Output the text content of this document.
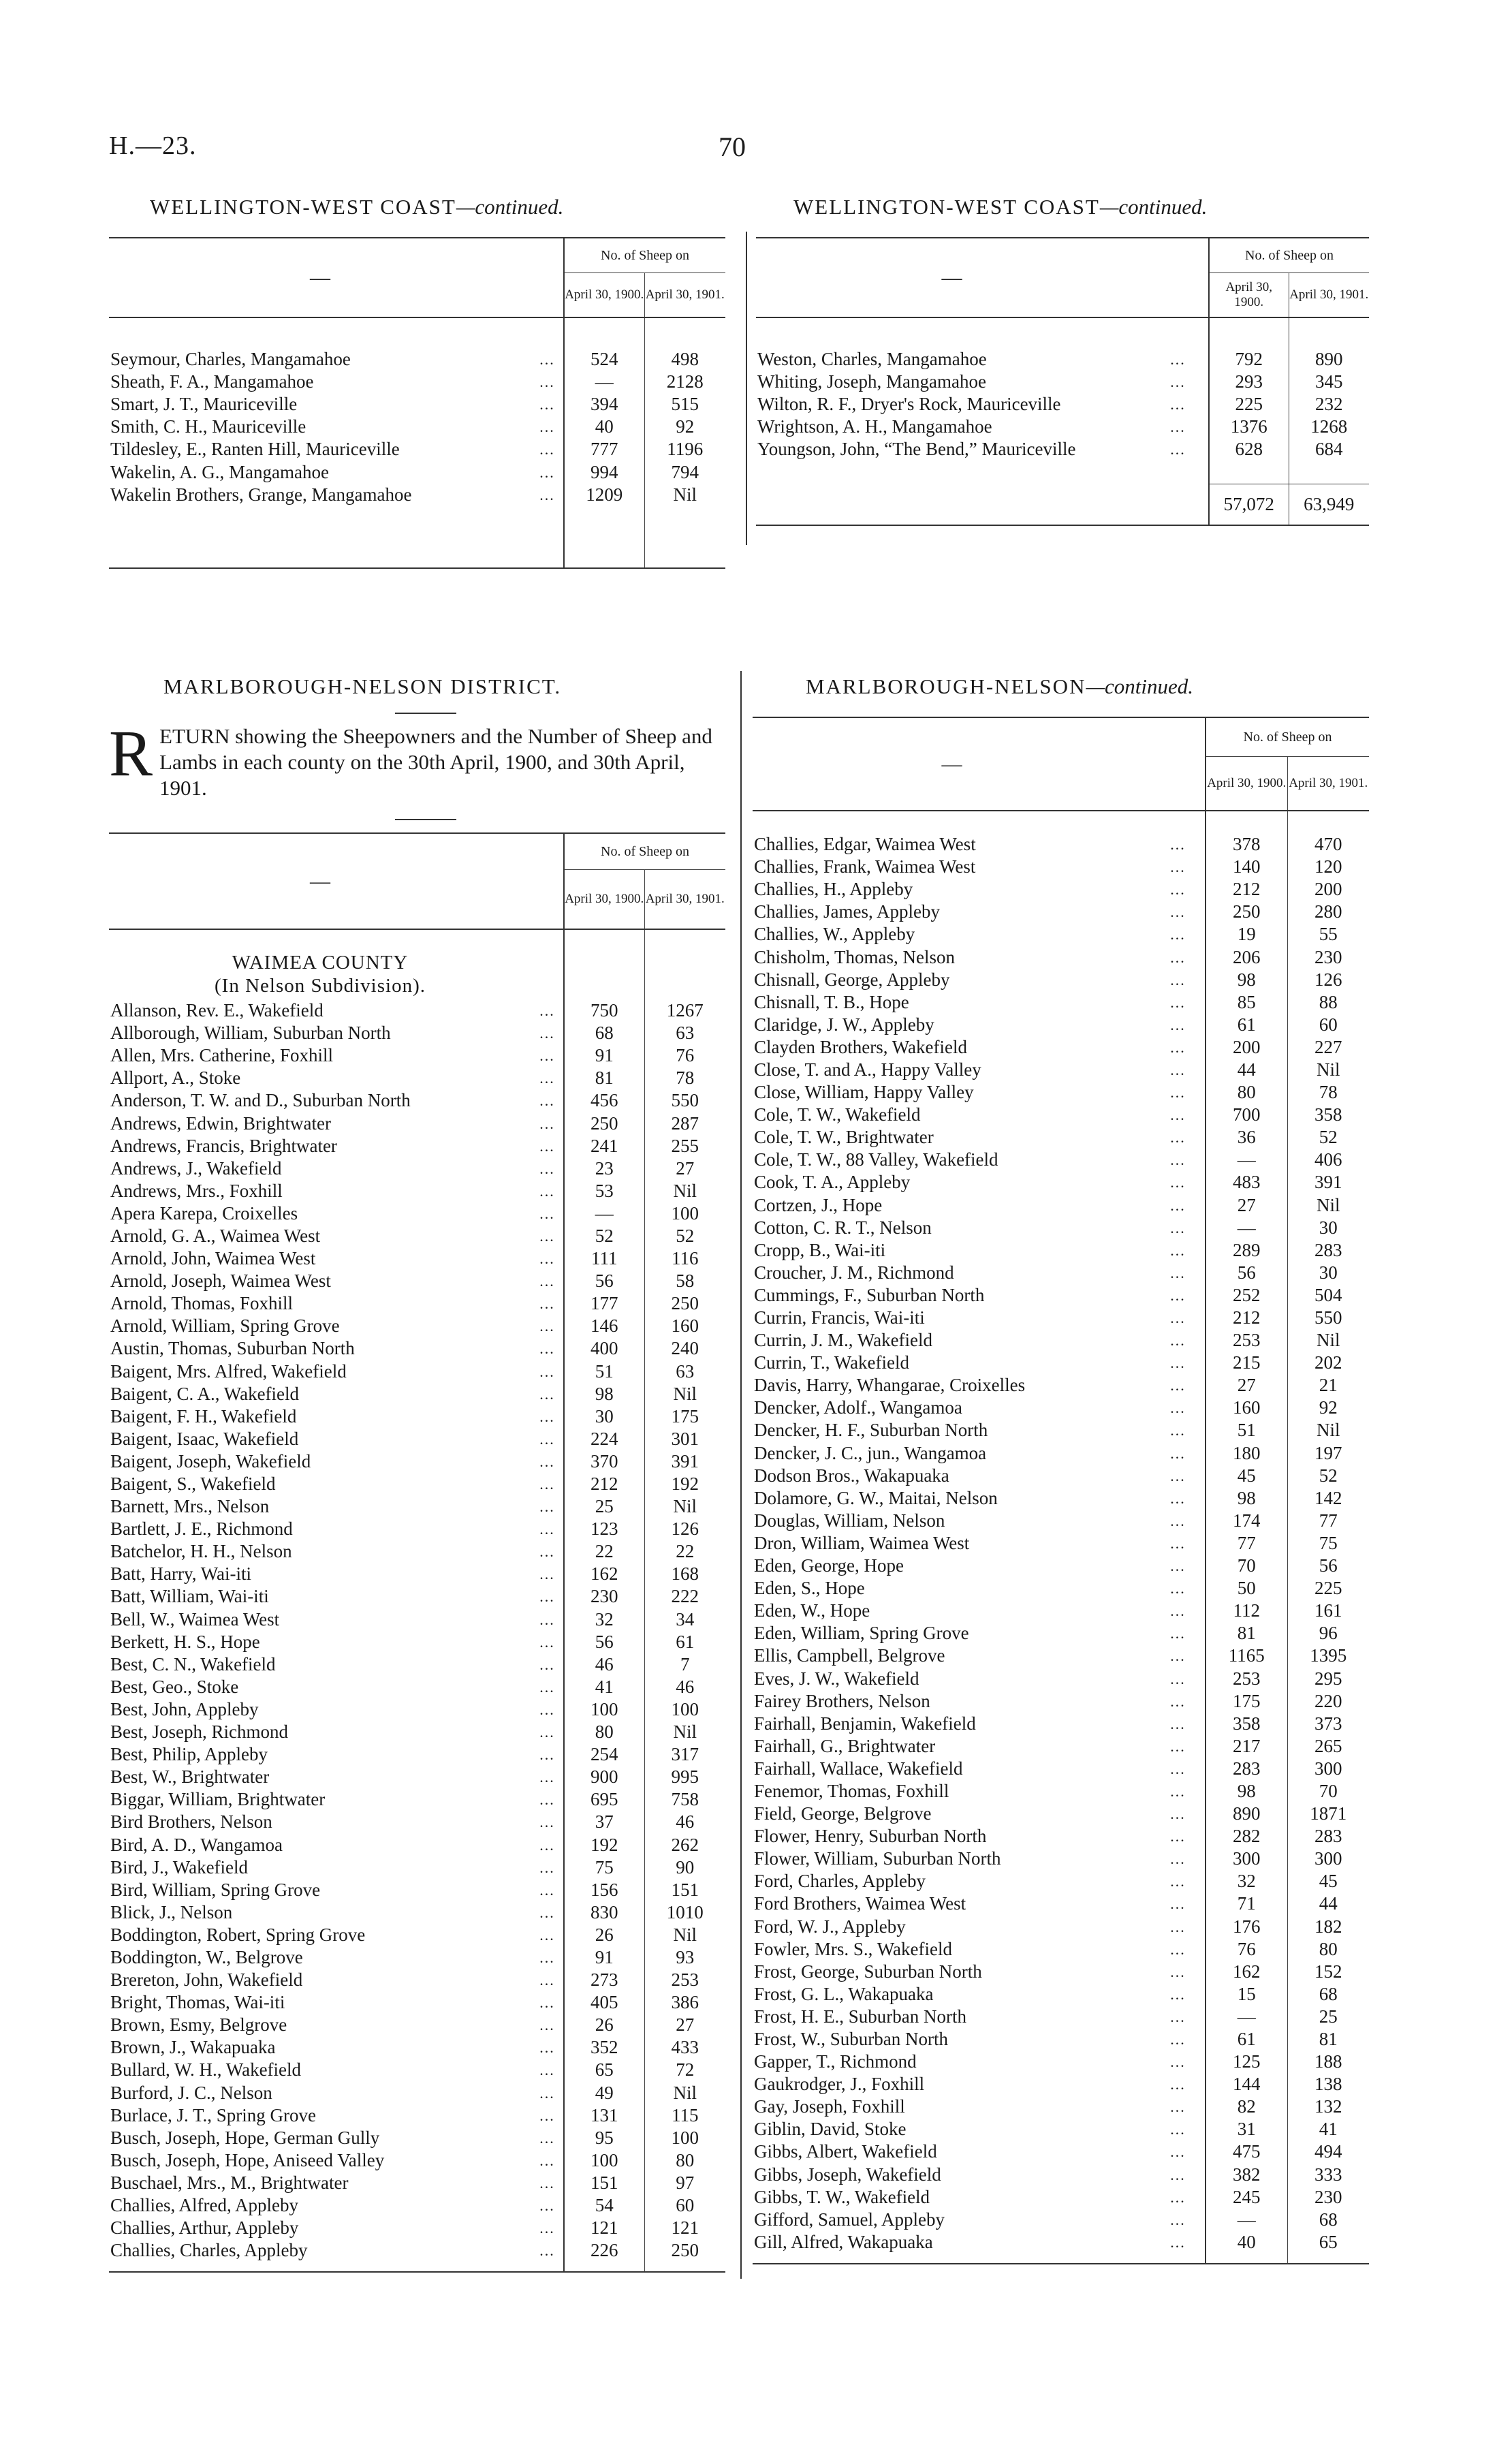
H.—23.	70
WELLINGTON-WEST COAST—continued.	WELLINGTON-WEST COAST—continued.
—		No. of Sheep on	
		April 30, 1900.	April 30, 1901.

Seymour, Charles, Mangamahoe	...	524	498
Sheath, F. A., Mangamahoe	...	—	2128
Smart, J. T., Mauriceville	...	394	515
Smith, C. H., Mauriceville	...	40	92
Tildesley, E., Ranten Hill, Mauriceville	...	777	1196
Wakelin, A. G., Mangamahoe	...	994	794
Wakelin Brothers, Grange, Mangamahoe	...	1209	Nil

—		No. of Sheep on	
		April 30, 1900.	April 30, 1901.

Weston, Charles, Mangamahoe	...	792	890
Whiting, Joseph, Mangamahoe	...	293	345
Wilton, R. F., Dryer's Rock, Mauriceville	...	225	232
Wrightson, A. H., Mangamahoe	...	1376	1268
Youngson, John, “The Bend,” Mauriceville	...	628	684

		57,072	63,949
MARLBOROUGH-NELSON DISTRICT.	MARLBOROUGH-NELSON—continued.
RETURN showing the Sheepowners and the Number of Sheep and Lambs in each county on the 30th April, 1900, and 30th April, 1901.
—		No. of Sheep on	
		April 30, 1900.	April 30, 1901.

WAIMEA COUNTY
(In Nelson Subdivision).			

Allanson, Rev. E., Wakefield	...	750	1267
Allborough, William, Suburban North	...	68	63
Allen, Mrs. Catherine, Foxhill	...	91	76
Allport, A., Stoke	...	81	78
Anderson, T. W. and D., Suburban North	...	456	550
Andrews, Edwin, Brightwater	...	250	287
Andrews, Francis, Brightwater	...	241	255
Andrews, J., Wakefield	...	23	27
Andrews, Mrs., Foxhill	...	53	Nil
Apera Karepa, Croixelles	...	—	100
Arnold, G. A., Waimea West	...	52	52
Arnold, John, Waimea West	...	111	116
Arnold, Joseph, Waimea West	...	56	58
Arnold, Thomas, Foxhill	...	177	250
Arnold, William, Spring Grove	...	146	160
Austin, Thomas, Suburban North	...	400	240
Baigent, Mrs. Alfred, Wakefield	...	51	63
Baigent, C. A., Wakefield	...	98	Nil
Baigent, F. H., Wakefield	...	30	175
Baigent, Isaac, Wakefield	...	224	301
Baigent, Joseph, Wakefield	...	370	391
Baigent, S., Wakefield	...	212	192
Barnett, Mrs., Nelson	...	25	Nil
Bartlett, J. E., Richmond	...	123	126
Batchelor, H. H., Nelson	...	22	22
Batt, Harry, Wai-iti	...	162	168
Batt, William, Wai-iti	...	230	222
Bell, W., Waimea West	...	32	34
Berkett, H. S., Hope	...	56	61
Best, C. N., Wakefield	...	46	7
Best, Geo., Stoke	...	41	46
Best, John, Appleby	...	100	100
Best, Joseph, Richmond	...	80	Nil
Best, Philip, Appleby	...	254	317
Best, W., Brightwater	...	900	995
Biggar, William, Brightwater	...	695	758
Bird Brothers, Nelson	...	37	46
Bird, A. D., Wangamoa	...	192	262
Bird, J., Wakefield	...	75	90
Bird, William, Spring Grove	...	156	151
Blick, J., Nelson	...	830	1010
Boddington, Robert, Spring Grove	...	26	Nil
Boddington, W., Belgrove	...	91	93
Brereton, John, Wakefield	...	273	253
Bright, Thomas, Wai-iti	...	405	386
Brown, Esmy, Belgrove	...	26	27
Brown, J., Wakapuaka	...	352	433
Bullard, W. H., Wakefield	...	65	72
Burford, J. C., Nelson	...	49	Nil
Burlace, J. T., Spring Grove	...	131	115
Busch, Joseph, Hope, German Gully	...	95	100
Busch, Joseph, Hope, Aniseed Valley	...	100	80
Buschael, Mrs., M., Brightwater	...	151	97
Challies, Alfred, Appleby	...	54	60
Challies, Arthur, Appleby	...	121	121
Challies, Charles, Appleby	...	226	250

—		No. of Sheep on	
		April 30, 1900.	April 30, 1901.

Challies, Edgar, Waimea West	...	378	470
Challies, Frank, Waimea West	...	140	120
Challies, H., Appleby	...	212	200
Challies, James, Appleby	...	250	280
Challies, W., Appleby	...	19	55
Chisholm, Thomas, Nelson	...	206	230
Chisnall, George, Appleby	...	98	126
Chisnall, T. B., Hope	...	85	88
Claridge, J. W., Appleby	...	61	60
Clayden Brothers, Wakefield	...	200	227
Close, T. and A., Happy Valley	...	44	Nil
Close, William, Happy Valley	...	80	78
Cole, T. W., Wakefield	...	700	358
Cole, T. W., Brightwater	...	36	52
Cole, T. W., 88 Valley, Wakefield	...	—	406
Cook, T. A., Appleby	...	483	391
Cortzen, J., Hope	...	27	Nil
Cotton, C. R. T., Nelson	...	—	30
Cropp, B., Wai-iti	...	289	283
Croucher, J. M., Richmond	...	56	30
Cummings, F., Suburban North	...	252	504
Currin, Francis, Wai-iti	...	212	550
Currin, J. M., Wakefield	...	253	Nil
Currin, T., Wakefield	...	215	202
Davis, Harry, Whangarae, Croixelles	...	27	21
Dencker, Adolf., Wangamoa	...	160	92
Dencker, H. F., Suburban North	...	51	Nil
Dencker, J. C., jun., Wangamoa	...	180	197
Dodson Bros., Wakapuaka	...	45	52
Dolamore, G. W., Maitai, Nelson	...	98	142
Douglas, William, Nelson	...	174	77
Dron, William, Waimea West	...	77	75
Eden, George, Hope	...	70	56
Eden, S., Hope	...	50	225
Eden, W., Hope	...	112	161
Eden, William, Spring Grove	...	81	96
Ellis, Campbell, Belgrove	...	1165	1395
Eves, J. W., Wakefield	...	253	295
Fairey Brothers, Nelson	...	175	220
Fairhall, Benjamin, Wakefield	...	358	373
Fairhall, G., Brightwater	...	217	265
Fairhall, Wallace, Wakefield	...	283	300
Fenemor, Thomas, Foxhill	...	98	70
Field, George, Belgrove	...	890	1871
Flower, Henry, Suburban North	...	282	283
Flower, William, Suburban North	...	300	300
Ford, Charles, Appleby	...	32	45
Ford Brothers, Waimea West	...	71	44
Ford, W. J., Appleby	...	176	182
Fowler, Mrs. S., Wakefield	...	76	80
Frost, George, Suburban North	...	162	152
Frost, G. L., Wakapuaka	...	15	68
Frost, H. E., Suburban North	...	—	25
Frost, W., Suburban North	...	61	81
Gapper, T., Richmond	...	125	188
Gaukrodger, J., Foxhill	...	144	138
Gay, Joseph, Foxhill	...	82	132
Giblin, David, Stoke	...	31	41
Gibbs, Albert, Wakefield	...	475	494
Gibbs, Joseph, Wakefield	...	382	333
Gibbs, T. W., Wakefield	...	245	230
Gifford, Samuel, Appleby	...	—	68
Gill, Alfred, Wakapuaka	...	40	65
